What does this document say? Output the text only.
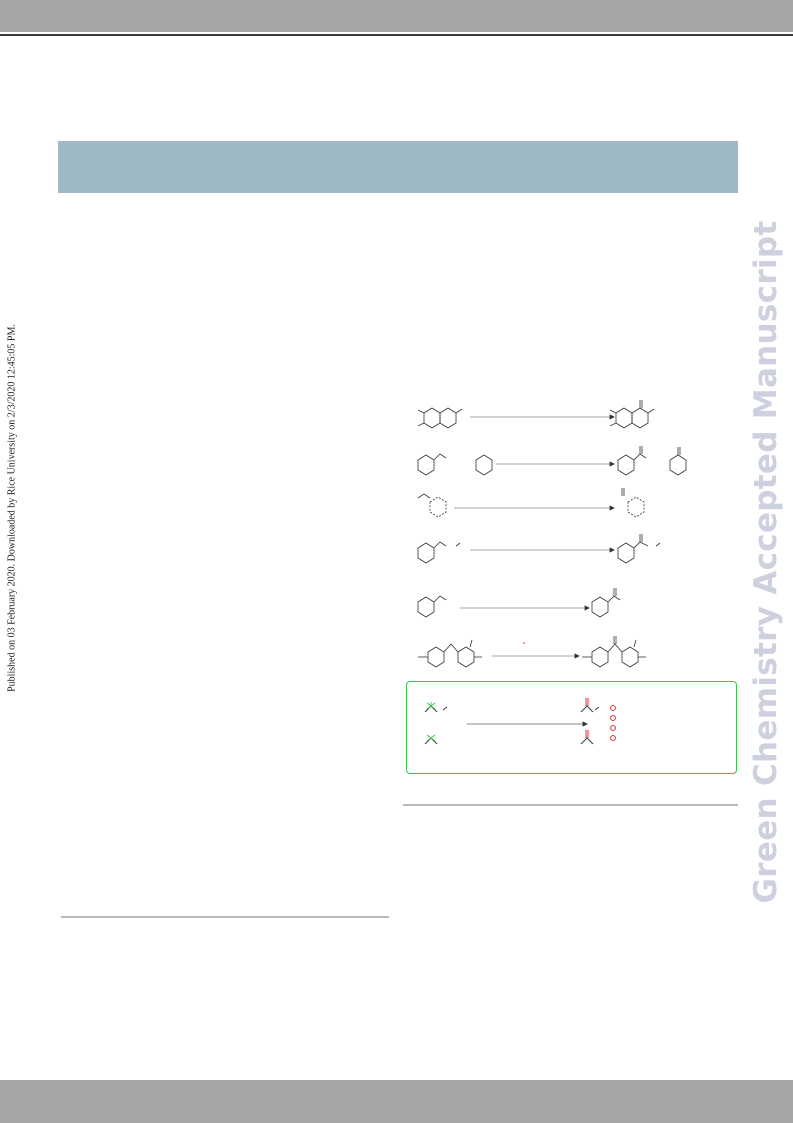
Published on 03 February 2020. Downloaded by Rice University on 2/3/2020 12:45:05 PM.	Green Chemistry Accepted Manuscript
